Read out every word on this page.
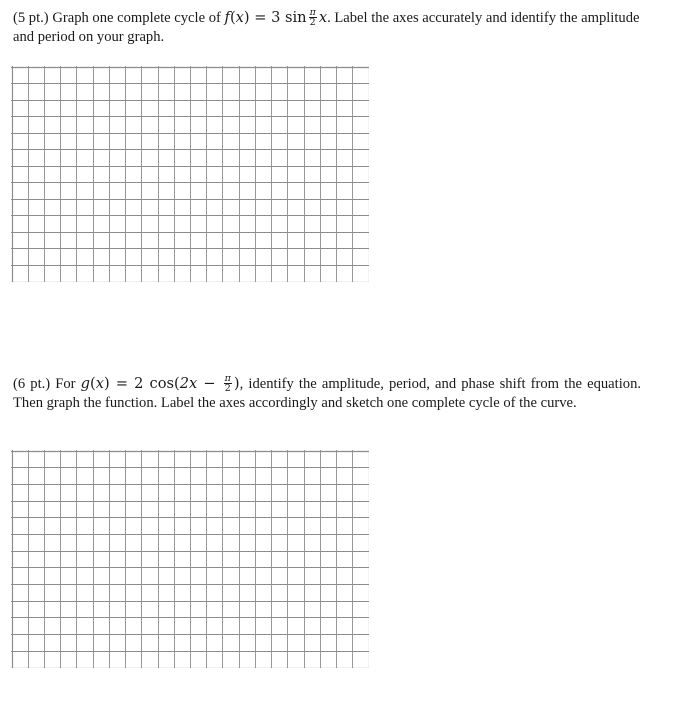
(5 pt.) Graph one complete cycle of f(x) = 3 $\sin \frac{\pi}{2} x$. Label the axes accurately and identify the amplitude and period on your graph.

(6 pt.) For g(x) = 2 $\cos(2x - \frac{\pi}{2}$ ), identify the amplitude, period, and phase shift from the equation. Then graph the function. Label the axes accordingly and sketch one complete cycle of the curve.
